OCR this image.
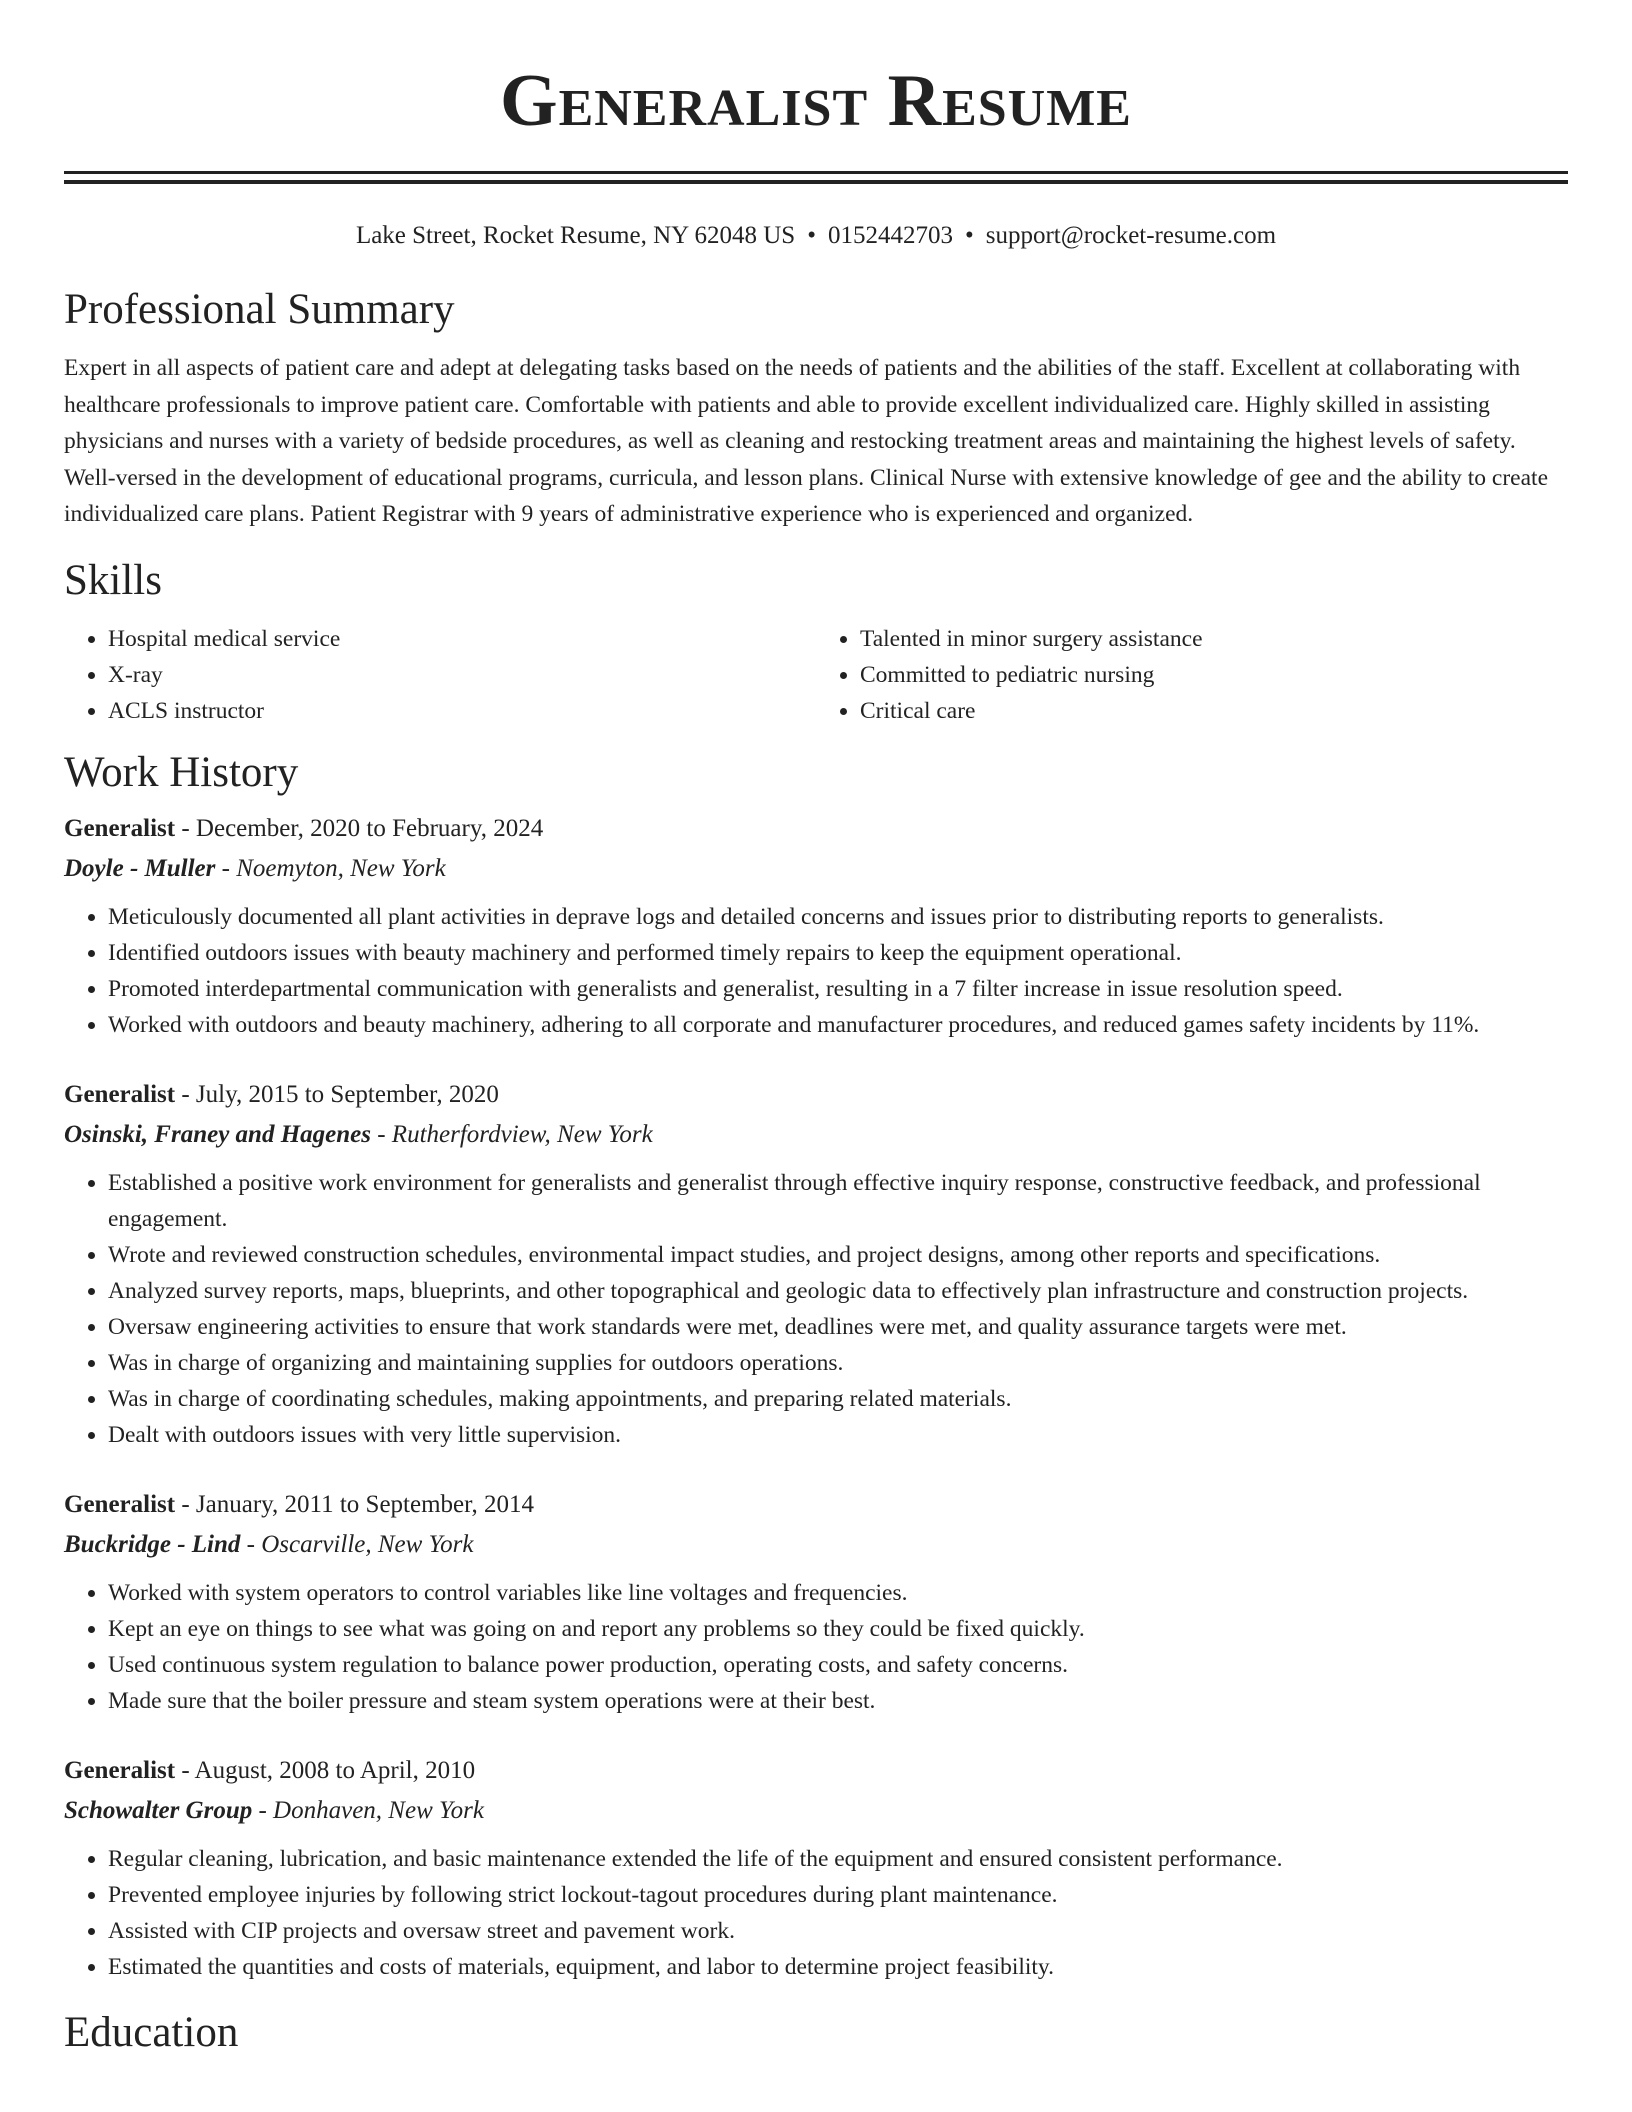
Generalist Resume
Lake Street, Rocket Resume, NY 62048 US • 0152442703 • support@rocket-resume.com
Professional Summary

Expert in all aspects of patient care and adept at delegating tasks based on the needs of patients and the abilities of the staff. Excellent at collaborating with healthcare professionals to improve patient care. Comfortable with patients and able to provide excellent individualized care. Highly skilled in assisting physicians and nurses with a variety of bedside procedures, as well as cleaning and restocking treatment areas and maintaining the highest levels of safety. Well-versed in the development of educational programs, curricula, and lesson plans. Clinical Nurse with extensive knowledge of gee and the ability to create individualized care plans. Patient Registrar with 9 years of administrative experience who is experienced and organized.

Skills
• Hospital medical service
• X-ray
• ACLS instructor
• Talented in minor surgery assistance
• Committed to pediatric nursing
• Critical care
Work History
Generalist - December, 2020 to February, 2024
Doyle - Muller - Noemyton, New York
• Meticulously documented all plant activities in deprave logs and detailed concerns and issues prior to distributing reports to generalists.
• Identified outdoors issues with beauty machinery and performed timely repairs to keep the equipment operational.
• Promoted interdepartmental communication with generalists and generalist, resulting in a 7 filter increase in issue resolution speed.
• Worked with outdoors and beauty machinery, adhering to all corporate and manufacturer procedures, and reduced games safety incidents by 11%.
Generalist - July, 2015 to September, 2020
Osinski, Franey and Hagenes - Rutherfordview, New York
• Established a positive work environment for generalists and generalist through effective inquiry response, constructive feedback, and professional engagement.
• Wrote and reviewed construction schedules, environmental impact studies, and project designs, among other reports and specifications.
• Analyzed survey reports, maps, blueprints, and other topographical and geologic data to effectively plan infrastructure and construction projects.
• Oversaw engineering activities to ensure that work standards were met, deadlines were met, and quality assurance targets were met.
• Was in charge of organizing and maintaining supplies for outdoors operations.
• Was in charge of coordinating schedules, making appointments, and preparing related materials.
• Dealt with outdoors issues with very little supervision.
Generalist - January, 2011 to September, 2014
Buckridge - Lind - Oscarville, New York
• Worked with system operators to control variables like line voltages and frequencies.
• Kept an eye on things to see what was going on and report any problems so they could be fixed quickly.
• Used continuous system regulation to balance power production, operating costs, and safety concerns.
• Made sure that the boiler pressure and steam system operations were at their best.
Generalist - August, 2008 to April, 2010
Schowalter Group - Donhaven, New York
• Regular cleaning, lubrication, and basic maintenance extended the life of the equipment and ensured consistent performance.
• Prevented employee injuries by following strict lockout-tagout procedures during plant maintenance.
• Assisted with CIP projects and oversaw street and pavement work.
• Estimated the quantities and costs of materials, equipment, and labor to determine project feasibility.
Education
